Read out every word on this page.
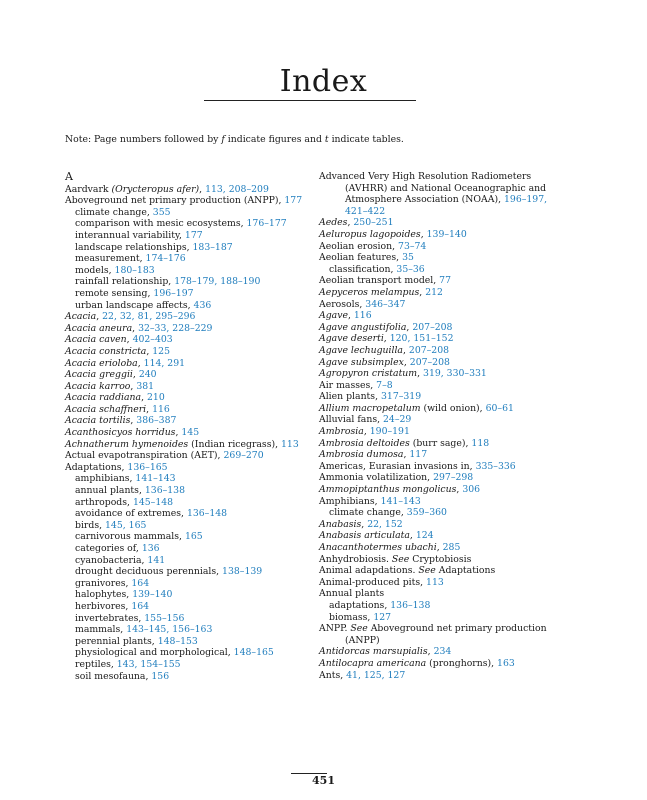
Index
Note: Page numbers followed by f indicate figures and t indicate tables.
A
Aardvark (Orycteropus afer), 113, 208–209
Aboveground net primary production (ANPP), 177
climate change, 355
comparison with mesic ecosystems, 176–177
interannual variability, 177
landscape relationships, 183–187
measurement, 174–176
models, 180–183
rainfall relationship, 178–179, 188–190
remote sensing, 196–197
urban landscape affects, 436
Acacia, 22, 32, 81, 295–296
Acacia aneura, 32–33, 228–229
Acacia caven, 402–403
Acacia constricta, 125
Acacia erioloba, 114, 291
Acacia greggii, 240
Acacia karroo, 381
Acacia raddiana, 210
Acacia schaffneri, 116
Acacia tortilis, 386–387
Acanthosicyos horridus, 145
Achnatherum hymenoides (Indian ricegrass), 113
Actual evapotranspiration (AET), 269–270
Adaptations, 136–165
amphibians, 141–143
annual plants, 136–138
arthropods, 145–148
avoidance of extremes, 136–148
birds, 145, 165
carnivorous mammals, 165
categories of, 136
cyanobacteria, 141
drought deciduous perennials, 138–139
granivores, 164
halophytes, 139–140
herbivores, 164
invertebrates, 155–156
mammals, 143–145, 156–163
perennial plants, 148–153
physiological and morphological, 148–165
reptiles, 143, 154–155
soil mesofauna, 156
Advanced Very High Resolution Radiometers (AVHRR) and National Oceanographic and Atmosphere Association (NOAA), 196–197, 421–422
Aedes, 250–251
Aeluropus lagopoides, 139–140
Aeolian erosion, 73–74
Aeolian features, 35
classification, 35–36
Aeolian transport model, 77
Aepyceros melampus, 212
Aerosols, 346–347
Agave, 116
Agave angustifolia, 207–208
Agave deserti, 120, 151–152
Agave lechuguilla, 207–208
Agave subsimplex, 207–208
Agropyron cristatum, 319, 330–331
Air masses, 7–8
Alien plants, 317–319
Allium macropetalum (wild onion), 60–61
Alluvial fans, 24–29
Ambrosia, 190–191
Ambrosia deltoides (burr sage), 118
Ambrosia dumosa, 117
Americas, Eurasian invasions in, 335–336
Ammonia volatilization, 297–298
Ammopiptanthus mongolicus, 306
Amphibians, 141–143
climate change, 359–360
Anabasis, 22, 152
Anabasis articulata, 124
Anacanthotermes ubachi, 285
Anhydrobiosis. See Cryptobiosis
Animal adapdations. See Adaptations
Animal-produced pits, 113
Annual plants
adaptations, 136–138
biomass, 127
ANPP. See Aboveground net primary production (ANPP)
Antidorcas marsupialis, 234
Antilocapra americana (pronghorns), 163
Ants, 41, 125, 127
451
